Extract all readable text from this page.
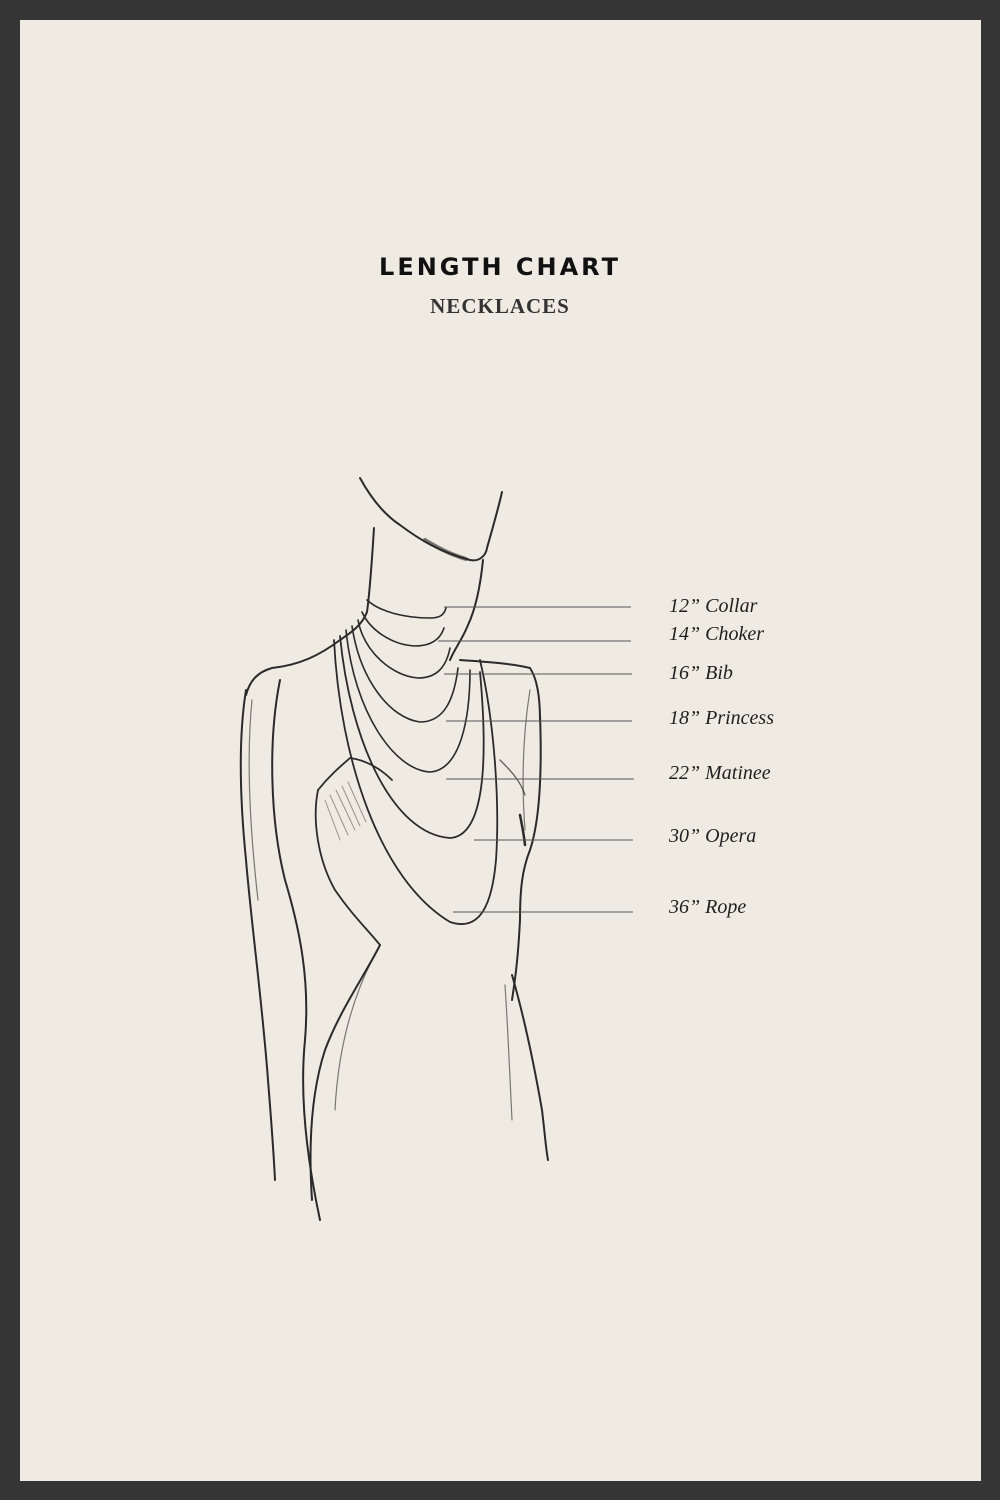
LENGTH CHART
NECKLACES
12” Collar
14” Choker
16” Bib
18” Princess
22” Matinee
30” Opera
36” Rope
